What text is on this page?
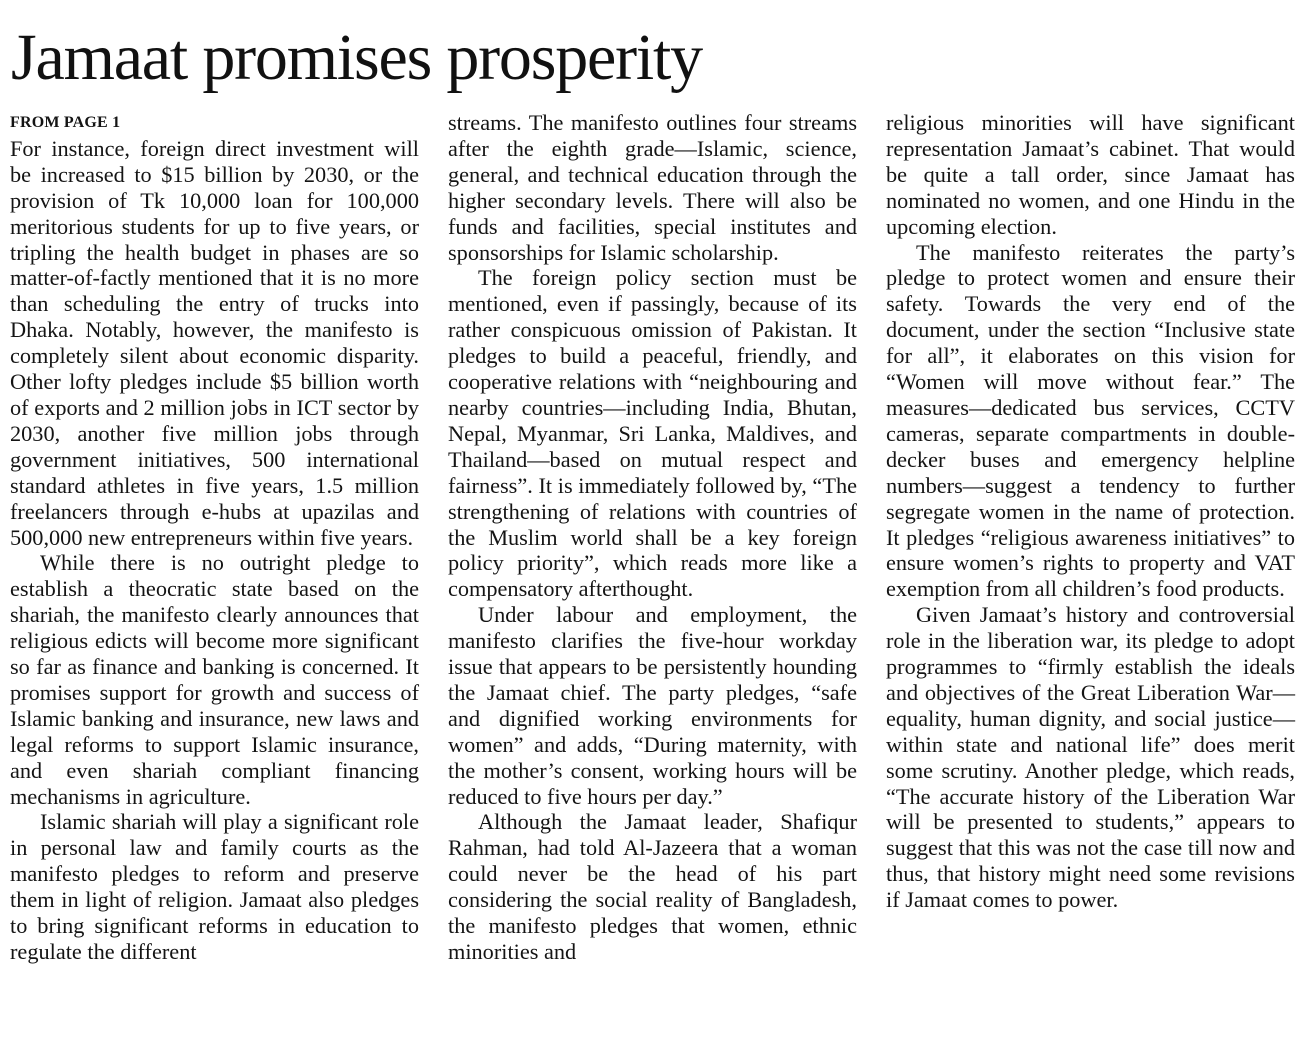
Jamaat promises prosperity
FROM PAGE 1

For instance, foreign direct investment will be increased to $15 billion by 2030, or the provision of Tk 10,000 loan for 100,000 meritorious students for up to five years, or tripling the health budget in phases are so matter-of-factly mentioned that it is no more than scheduling the entry of trucks into Dhaka. Notably, however, the manifesto is completely silent about economic disparity. Other lofty pledges include $5 billion worth of exports and 2 million jobs in ICT sector by 2030, another five million jobs through government initiatives, 500 international standard athletes in five years, 1.5 million freelancers through e-hubs at upazilas and 500,000 new entrepreneurs within five years.

While there is no outright pledge to establish a theocratic state based on the shariah, the manifesto clearly announces that religious edicts will become more significant so far as finance and banking is concerned. It promises support for growth and success of Islamic banking and insurance, new laws and legal reforms to support Islamic insurance, and even shariah compliant financing mechanisms in agriculture.

Islamic shariah will play a significant role in personal law and family courts as the manifesto pledges to reform and preserve them in light of religion. Jamaat also pledges to bring significant reforms in education to regulate the different

streams. The manifesto outlines four streams after the eighth grade—Islamic, science, general, and technical education through the higher secondary levels. There will also be funds and facilities, special institutes and sponsorships for Islamic scholarship.

The foreign policy section must be mentioned, even if passingly, because of its rather conspicuous omission of Pakistan. It pledges to build a peaceful, friendly, and cooperative relations with “neighbouring and nearby countries—including India, Bhutan, Nepal, Myanmar, Sri Lanka, Maldives, and Thailand—based on mutual respect and fairness”. It is immediately followed by, “The strengthening of relations with countries of the Muslim world shall be a key foreign policy priority”, which reads more like a compensatory afterthought.

Under labour and employment, the manifesto clarifies the five-hour workday issue that appears to be persistently hounding the Jamaat chief. The party pledges, “safe and dignified working environments for women” and adds, “During maternity, with the mother’s consent, working hours will be reduced to five hours per day.”

Although the Jamaat leader, Shafiqur Rahman, had told Al-Jazeera that a woman could never be the head of his part considering the social reality of Bangladesh, the manifesto pledges that women, ethnic minorities and

religious minorities will have significant representation Jamaat’s cabinet. That would be quite a tall order, since Jamaat has nominated no women, and one Hindu in the upcoming election.

The manifesto reiterates the party’s pledge to protect women and ensure their safety. Towards the very end of the document, under the section “Inclusive state for all”, it elaborates on this vision for “Women will move without fear.” The measures—dedicated bus services, CCTV cameras, separate compartments in double-decker buses and emergency helpline numbers—suggest a tendency to further segregate women in the name of protection. It pledges “religious awareness initiatives” to ensure women’s rights to property and VAT exemption from all children’s food products.

Given Jamaat’s history and controversial role in the liberation war, its pledge to adopt programmes to “firmly establish the ideals and objectives of the Great Liberation War—equality, human dignity, and social justice—within state and national life” does merit some scrutiny. Another pledge, which reads, “The accurate history of the Liberation War will be presented to students,” appears to suggest that this was not the case till now and thus, that history might need some revisions if Jamaat comes to power.
